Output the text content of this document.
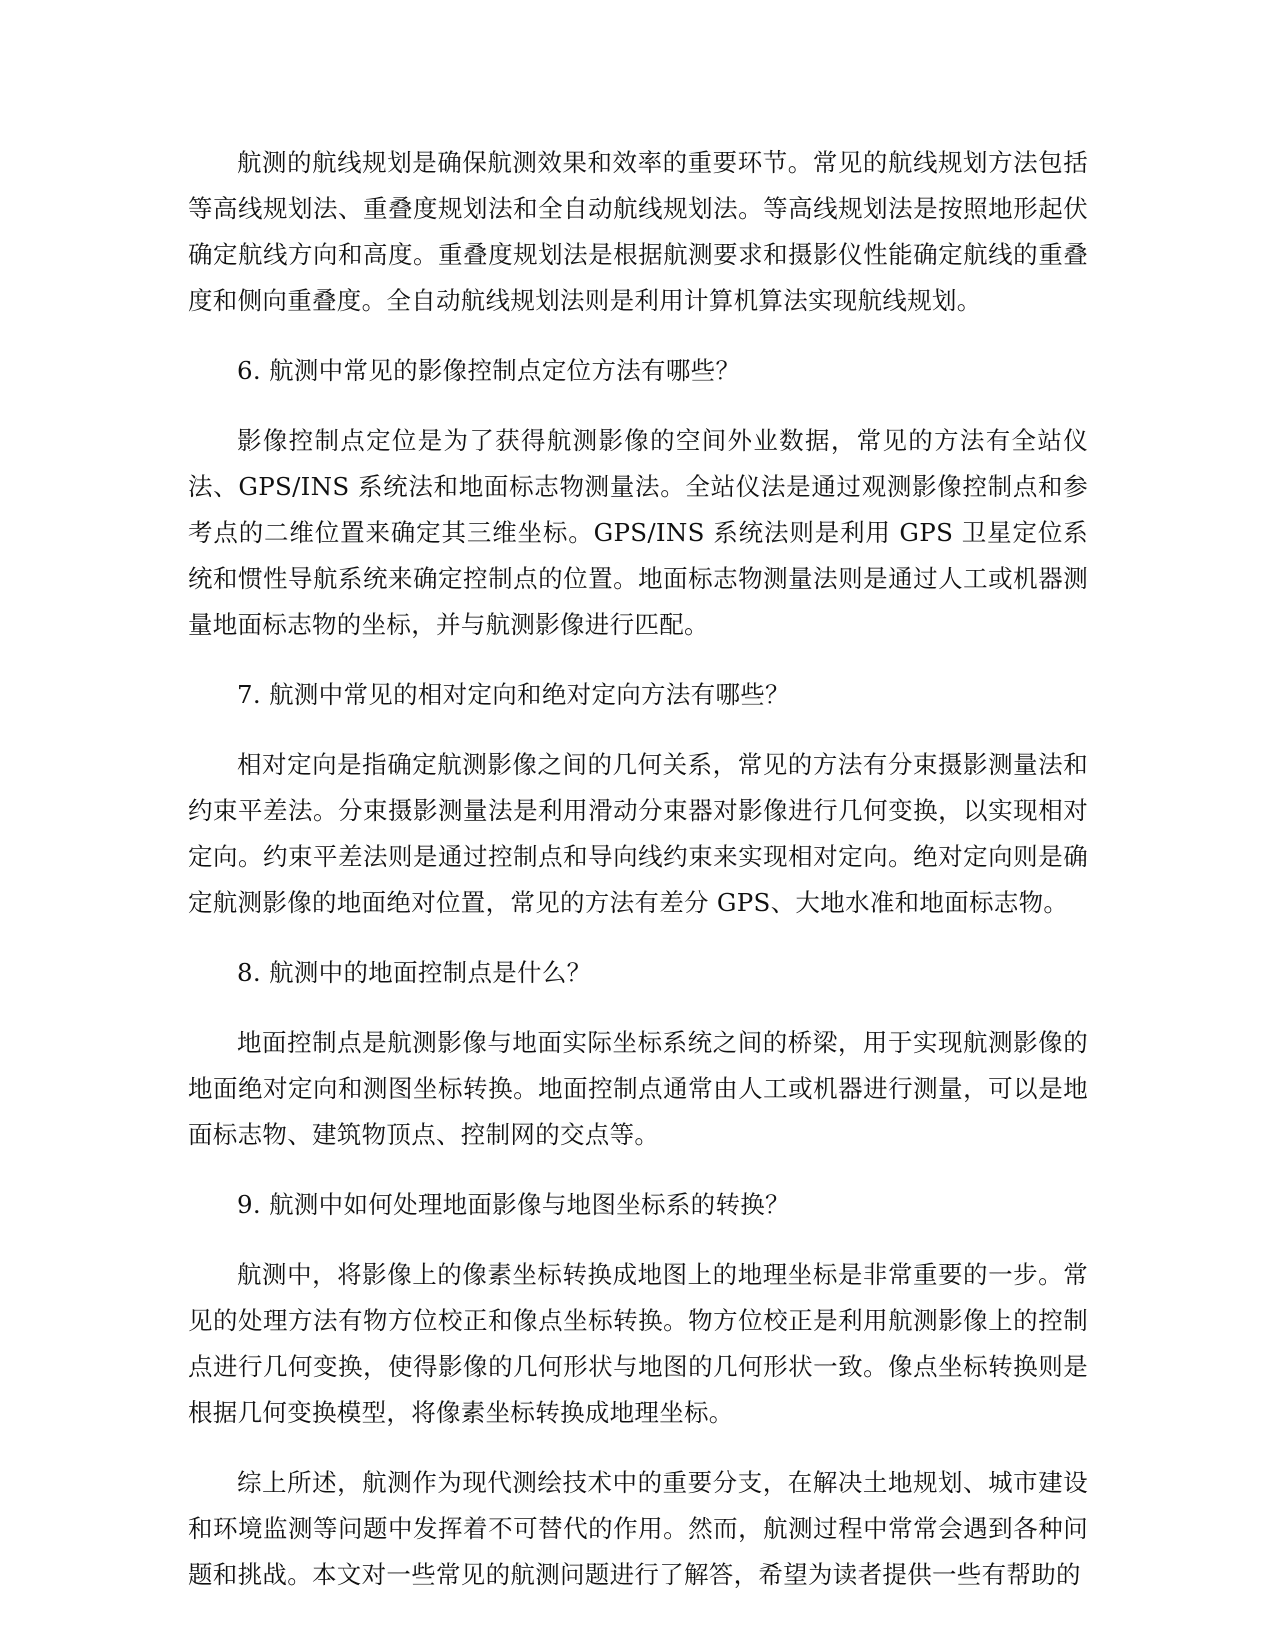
航测的航线规划是确保航测效果和效率的重要环节。常见的航线规划方法包括等高线规划法、重叠度规划法和全自动航线规划法。等高线规划法是按照地形起伏确定航线方向和高度。重叠度规划法是根据航测要求和摄影仪性能确定航线的重叠度和侧向重叠度。全自动航线规划法则是利用计算机算法实现航线规划。

6. 航测中常见的影像控制点定位方法有哪些？

影像控制点定位是为了获得航测影像的空间外业数据，常见的方法有全站仪法、GPS/INS 系统法和地面标志物测量法。全站仪法是通过观测影像控制点和参考点的二维位置来确定其三维坐标。GPS/INS 系统法则是利用 GPS 卫星定位系统和惯性导航系统来确定控制点的位置。地面标志物测量法则是通过人工或机器测量地面标志物的坐标，并与航测影像进行匹配。

7. 航测中常见的相对定向和绝对定向方法有哪些？

相对定向是指确定航测影像之间的几何关系，常见的方法有分束摄影测量法和约束平差法。分束摄影测量法是利用滑动分束器对影像进行几何变换，以实现相对定向。约束平差法则是通过控制点和导向线约束来实现相对定向。绝对定向则是确定航测影像的地面绝对位置，常见的方法有差分 GPS、大地水准和地面标志物。

8. 航测中的地面控制点是什么？

地面控制点是航测影像与地面实际坐标系统之间的桥梁，用于实现航测影像的地面绝对定向和测图坐标转换。地面控制点通常由人工或机器进行测量，可以是地面标志物、建筑物顶点、控制网的交点等。

9. 航测中如何处理地面影像与地图坐标系的转换？

航测中，将影像上的像素坐标转换成地图上的地理坐标是非常重要的一步。常见的处理方法有物方位校正和像点坐标转换。物方位校正是利用航测影像上的控制点进行几何变换，使得影像的几何形状与地图的几何形状一致。像点坐标转换则是根据几何变换模型，将像素坐标转换成地理坐标。

综上所述，航测作为现代测绘技术中的重要分支，在解决土地规划、城市建设和环境监测等问题中发挥着不可替代的作用。然而，航测过程中常常会遇到各种问题和挑战。本文对一些常见的航测问题进行了解答，希望为读者提供一些有帮助的
